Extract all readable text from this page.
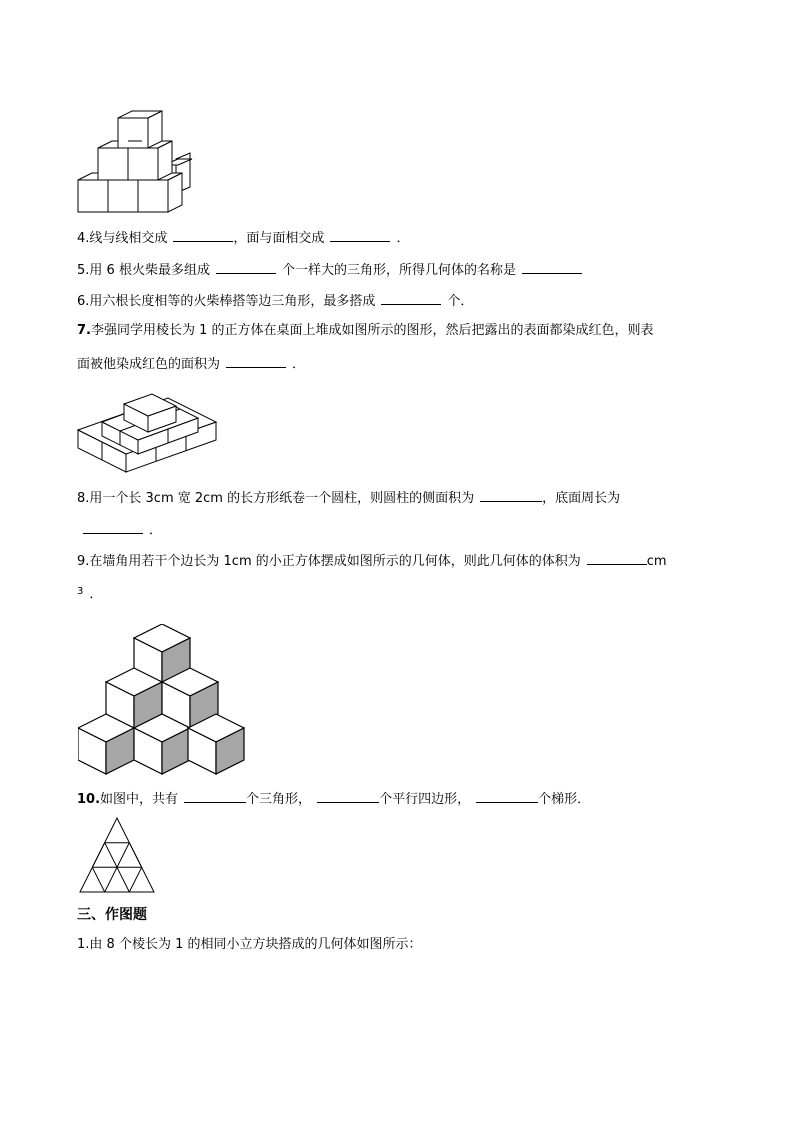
4.线与线相交成	，面与面相交成	．
5.用 6 根火柴最多组成	个一样大的三角形，所得几何体的名称是
6.用六根长度相等的火柴棒搭等边三角形，最多搭成	个．
7.李强同学用棱长为 1 的正方体在桌面上堆成如图所示的图形，然后把露出的表面都染成红色，则表
面被他染成红色的面积为	．
8.用一个长 3cm 宽 2cm 的长方形纸卷一个圆柱，则圆柱的侧面积为	，底面周长为
．
9.在墙角用若干个边长为 1cm 的小正方体摆成如图所示的几何体，则此几何体的体积为	cm
$^3$ ．
10.如图中，共有	个三角形，	个平行四边形，	个梯形．
三、作图题
1.由 8 个棱长为 1 的相同小立方块搭成的几何体如图所示：
